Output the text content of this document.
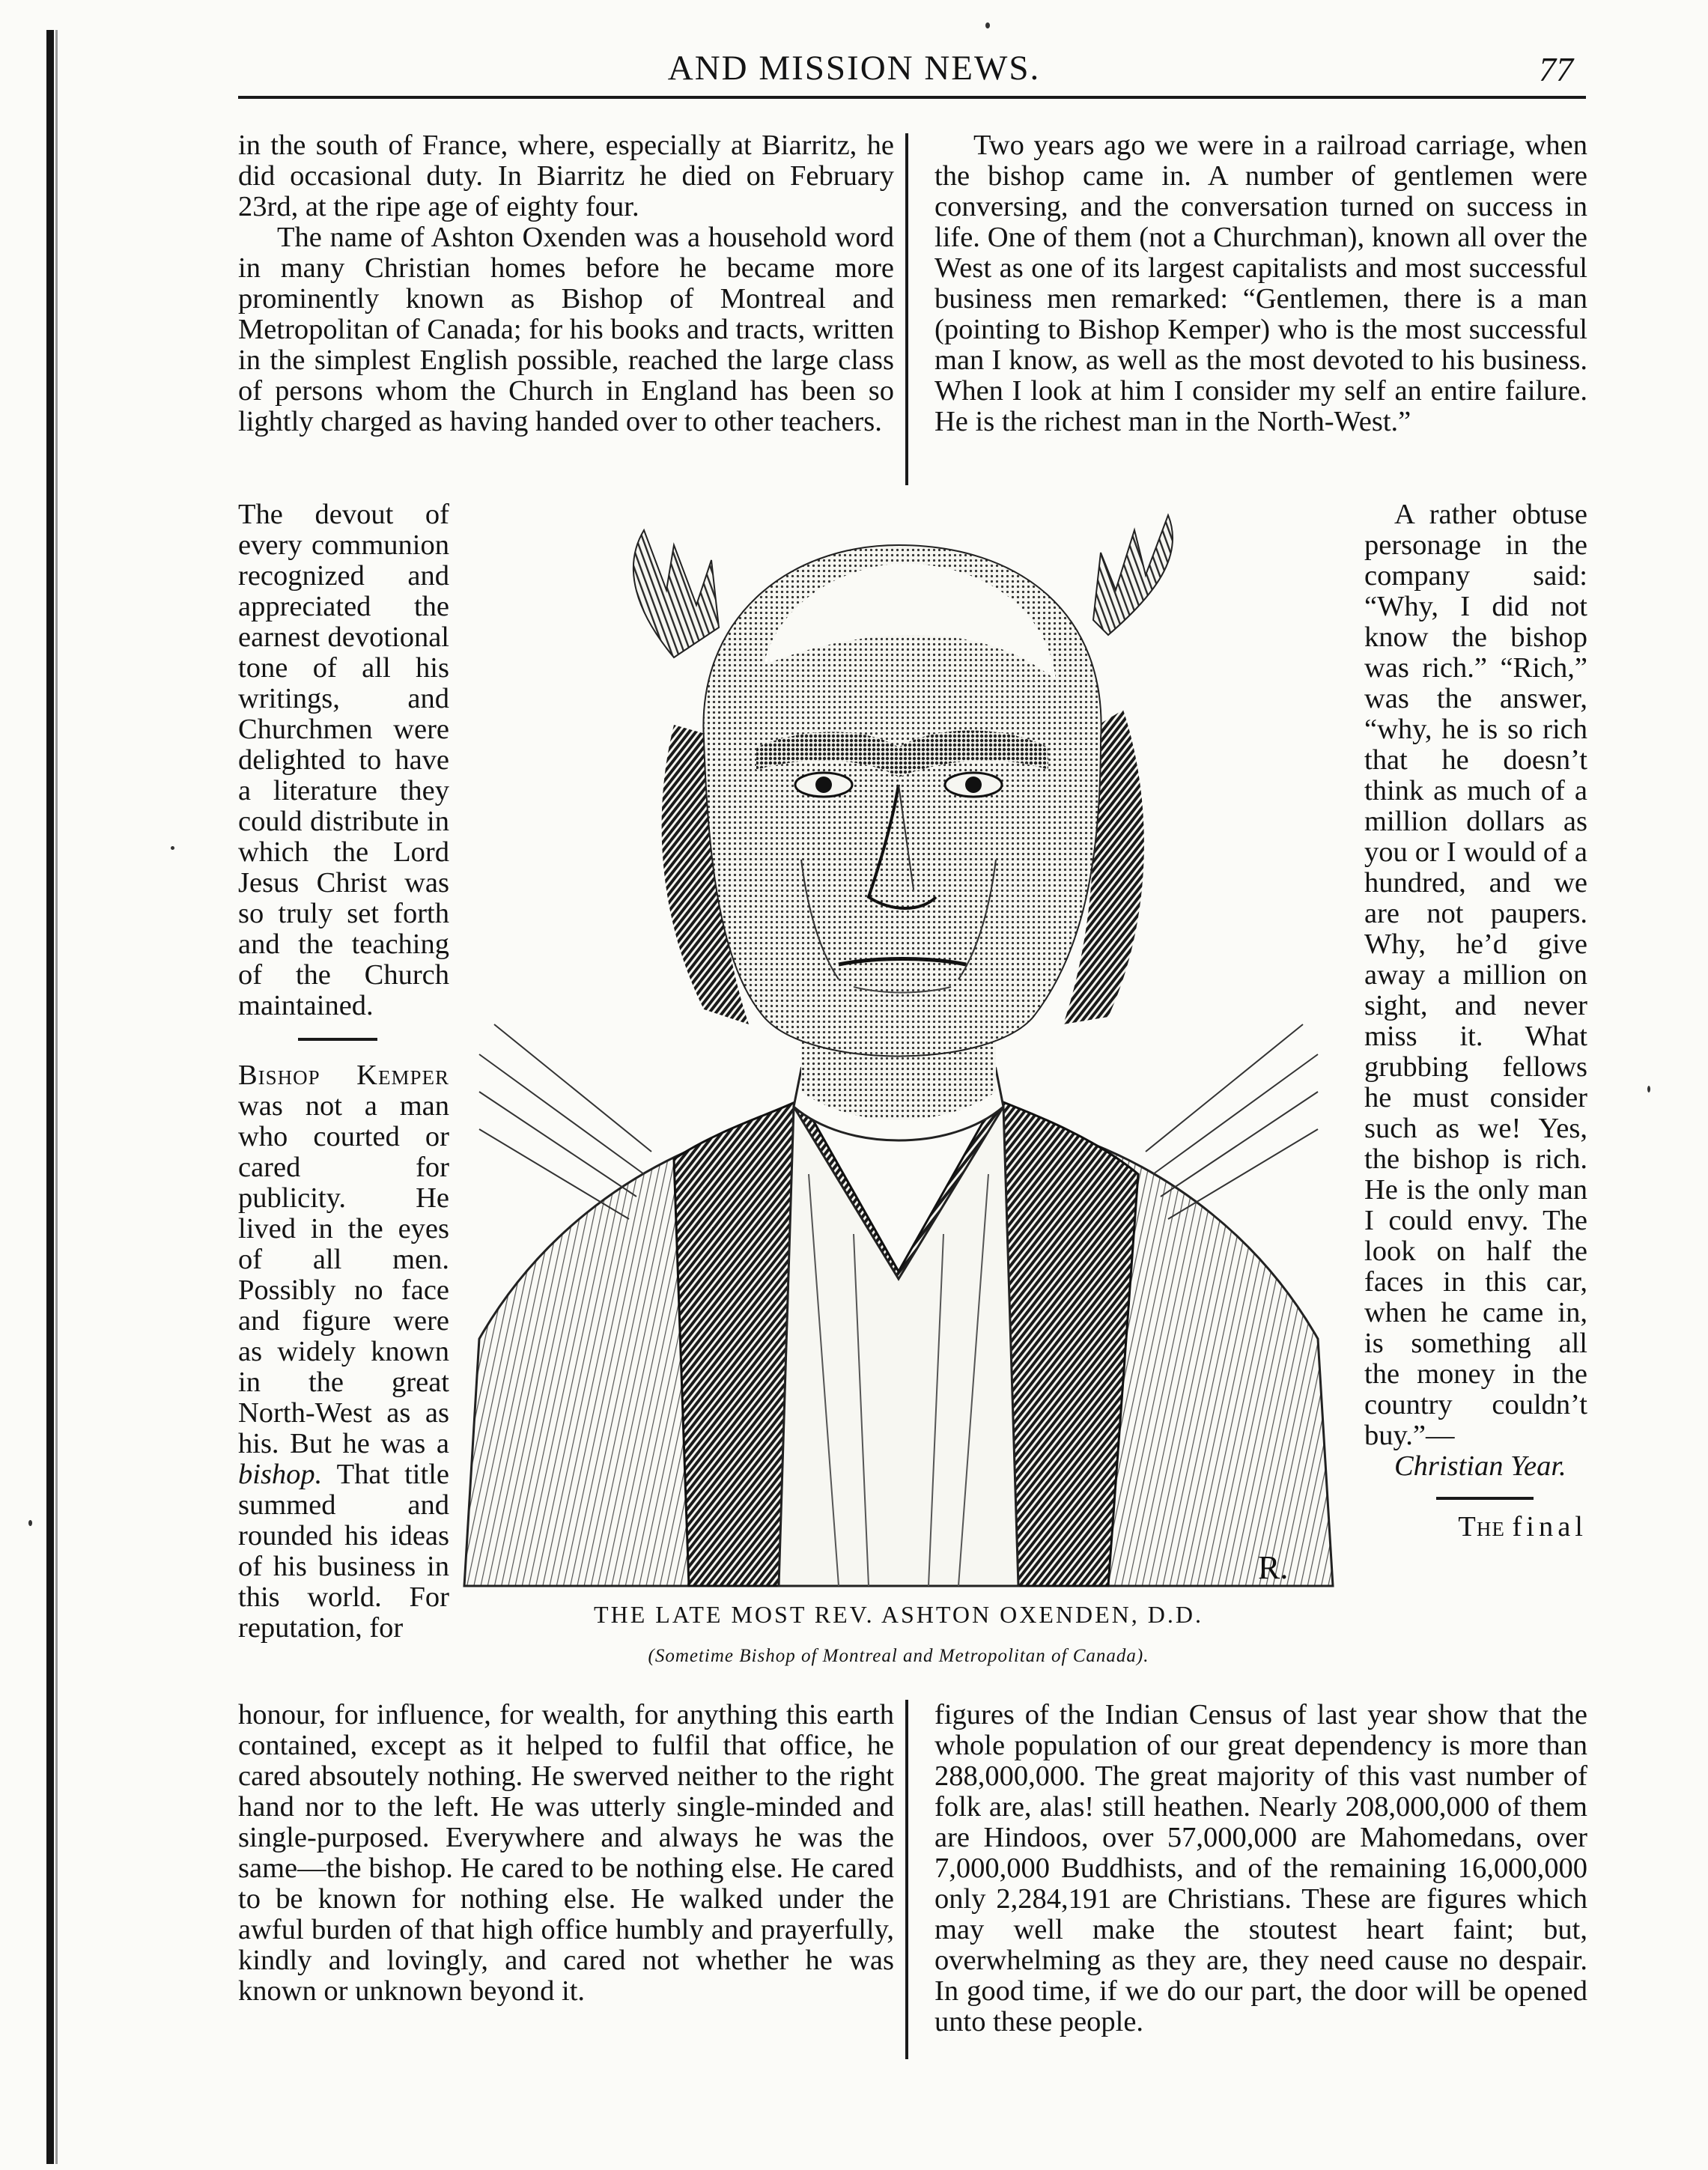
AND MISSION NEWS.	77

in the south of France, where, especially at Biarritz, he did occasional duty. In Biarritz he died on February 23rd, at the ripe age of eighty four.

The name of Ashton Oxenden was a household word in many Christian homes before he became more prominently known as Bishop of Montreal and Metropolitan of Canada; for his books and tracts, written in the simplest English possible, reached the large class of persons whom the Church in England has been so lightly charged as having handed over to other teachers.

Two years ago we were in a railroad carriage, when the bishop came in. A number of gentlemen were conversing, and the conversation turned on success in life. One of them (not a Churchman), known all over the West as one of its largest capitalists and most successful business men remarked: “Gentlemen, there is a man (pointing to Bishop Kemper) who is the most successful man I know, as well as the most devoted to his business. When I look at him I consider my self an entire failure. He is the richest man in the North-West.”

The devout of every communion recognized and appreciated the earnest devotional tone of all his writings, and Churchmen were delighted to have a literature they could distribute in which the Lord Jesus Christ was so truly set forth and the teaching of the Church maintained.

Bishop Kemper was not a man who courted or cared for publicity. He lived in the eyes of all men. Possibly no face and figure were as widely known in the great North-West as as his. But he was a bishop. That title summed and rounded his ideas of his business in this world. For reputation, for

A rather obtuse personage in the company said: “Why, I did not know the bishop was rich.” “Rich,” was the answer, “why, he is so rich that he doesn’t think as much of a million dollars as you or I would of a hundred, and we are not paupers. Why, he’d give away a million on sight, and never miss it. What grubbing fellows he must consider such as we! Yes, the bishop is rich. He is the only man I could envy. The look on half the faces in this car, when he came in, is something all the money in the country couldn’t buy.”—
Christian Year.

The final

R.
THE LATE MOST REV. ASHTON OXENDEN, D.D.
(Sometime Bishop of Montreal and Metropolitan of Canada).

honour, for influence, for wealth, for anything this earth contained, except as it helped to fulfil that office, he cared absoutely nothing. He swerved neither to the right hand nor to the left. He was utterly single-minded and single-purposed. Everywhere and always he was the same—the bishop. He cared to be nothing else. He cared to be known for nothing else. He walked under the awful burden of that high office humbly and prayerfully, kindly and lovingly, and cared not whether he was known or unknown beyond it.

figures of the Indian Census of last year show that the whole population of our great dependency is more than 288,000,000. The great majority of this vast number of folk are, alas! still heathen. Nearly 208,000,000 of them are Hindoos, over 57,000,000 are Mahomedans, over 7,000,000 Buddhists, and of the remaining 16,000,000 only 2,284,191 are Christians. These are figures which may well make the stoutest heart faint; but, overwhelming as they are, they need cause no despair. In good time, if we do our part, the door will be opened unto these people.
